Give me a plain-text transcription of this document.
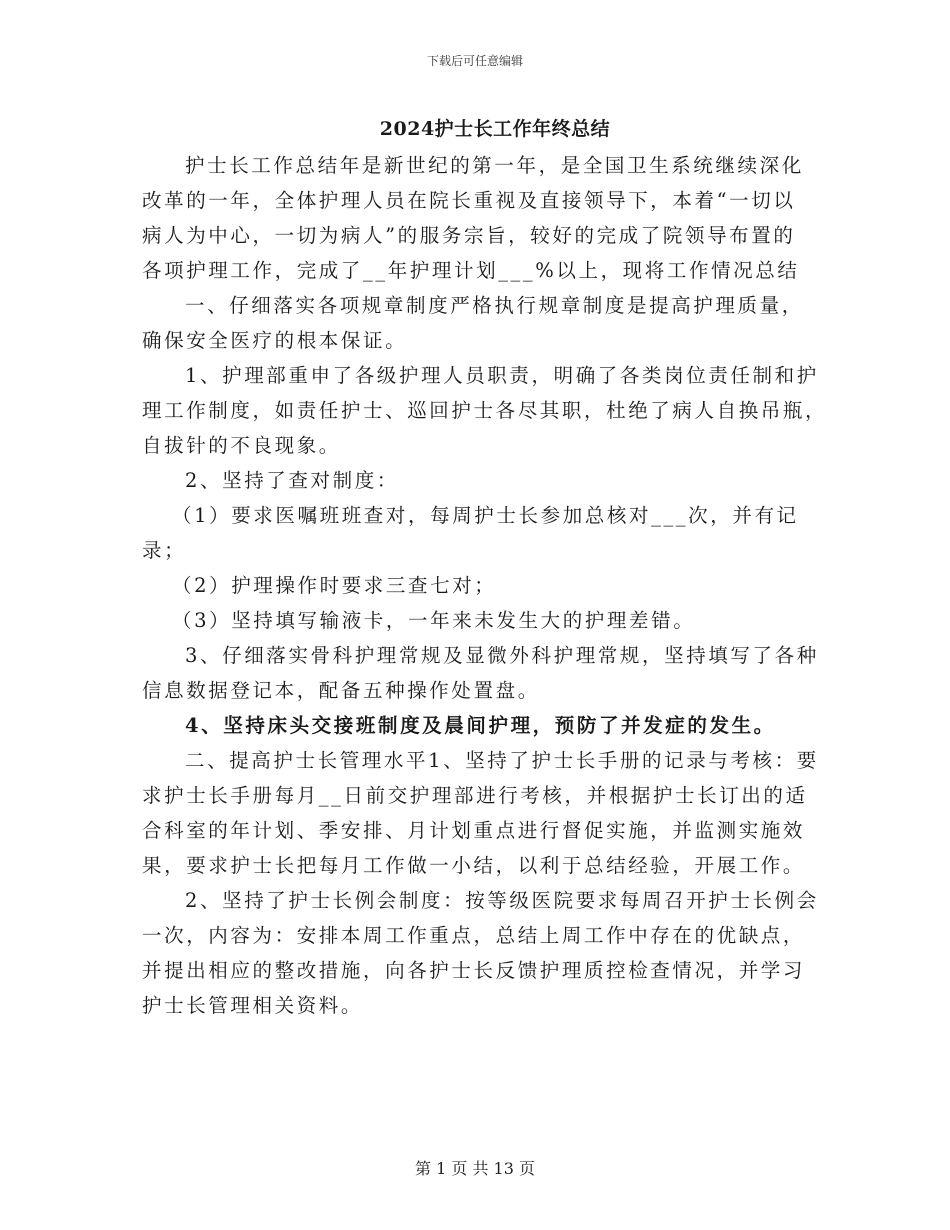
下载后可任意编辑
2024护士长工作年终总结
护士长工作总结年是新世纪的第一年，是全国卫生系统继续深化
改革的一年，全体护理人员在院长重视及直接领导下，本着“一切以
病人为中心，一切为病人”的服务宗旨，较好的完成了院领导布置的
各项护理工作，完成了__年护理计划___%以上，现将工作情况总结
一、仔细落实各项规章制度严格执行规章制度是提高护理质量，
确保安全医疗的根本保证。
1、护理部重申了各级护理人员职责，明确了各类岗位责任制和护
理工作制度，如责任护士、巡回护士各尽其职，杜绝了病人自换吊瓶，
自拔针的不良现象。
2、坚持了查对制度：
（1）要求医嘱班班查对，每周护士长参加总核对___次，并有记
录；
（2）护理操作时要求三查七对；
（3）坚持填写输液卡，一年来未发生大的护理差错。
3、仔细落实骨科护理常规及显微外科护理常规，坚持填写了各种
信息数据登记本，配备五种操作处置盘。
4、坚持床头交接班制度及晨间护理，预防了并发症的发生。
二、提高护士长管理水平1、坚持了护士长手册的记录与考核：要
求护士长手册每月__日前交护理部进行考核，并根据护士长订出的适
合科室的年计划、季安排、月计划重点进行督促实施，并监测实施效
果，要求护士长把每月工作做一小结，以利于总结经验，开展工作。
2、坚持了护士长例会制度：按等级医院要求每周召开护士长例会
一次，内容为：安排本周工作重点，总结上周工作中存在的优缺点，
并提出相应的整改措施，向各护士长反馈护理质控检查情况，并学习
护士长管理相关资料。
第 1 页 共 13 页
